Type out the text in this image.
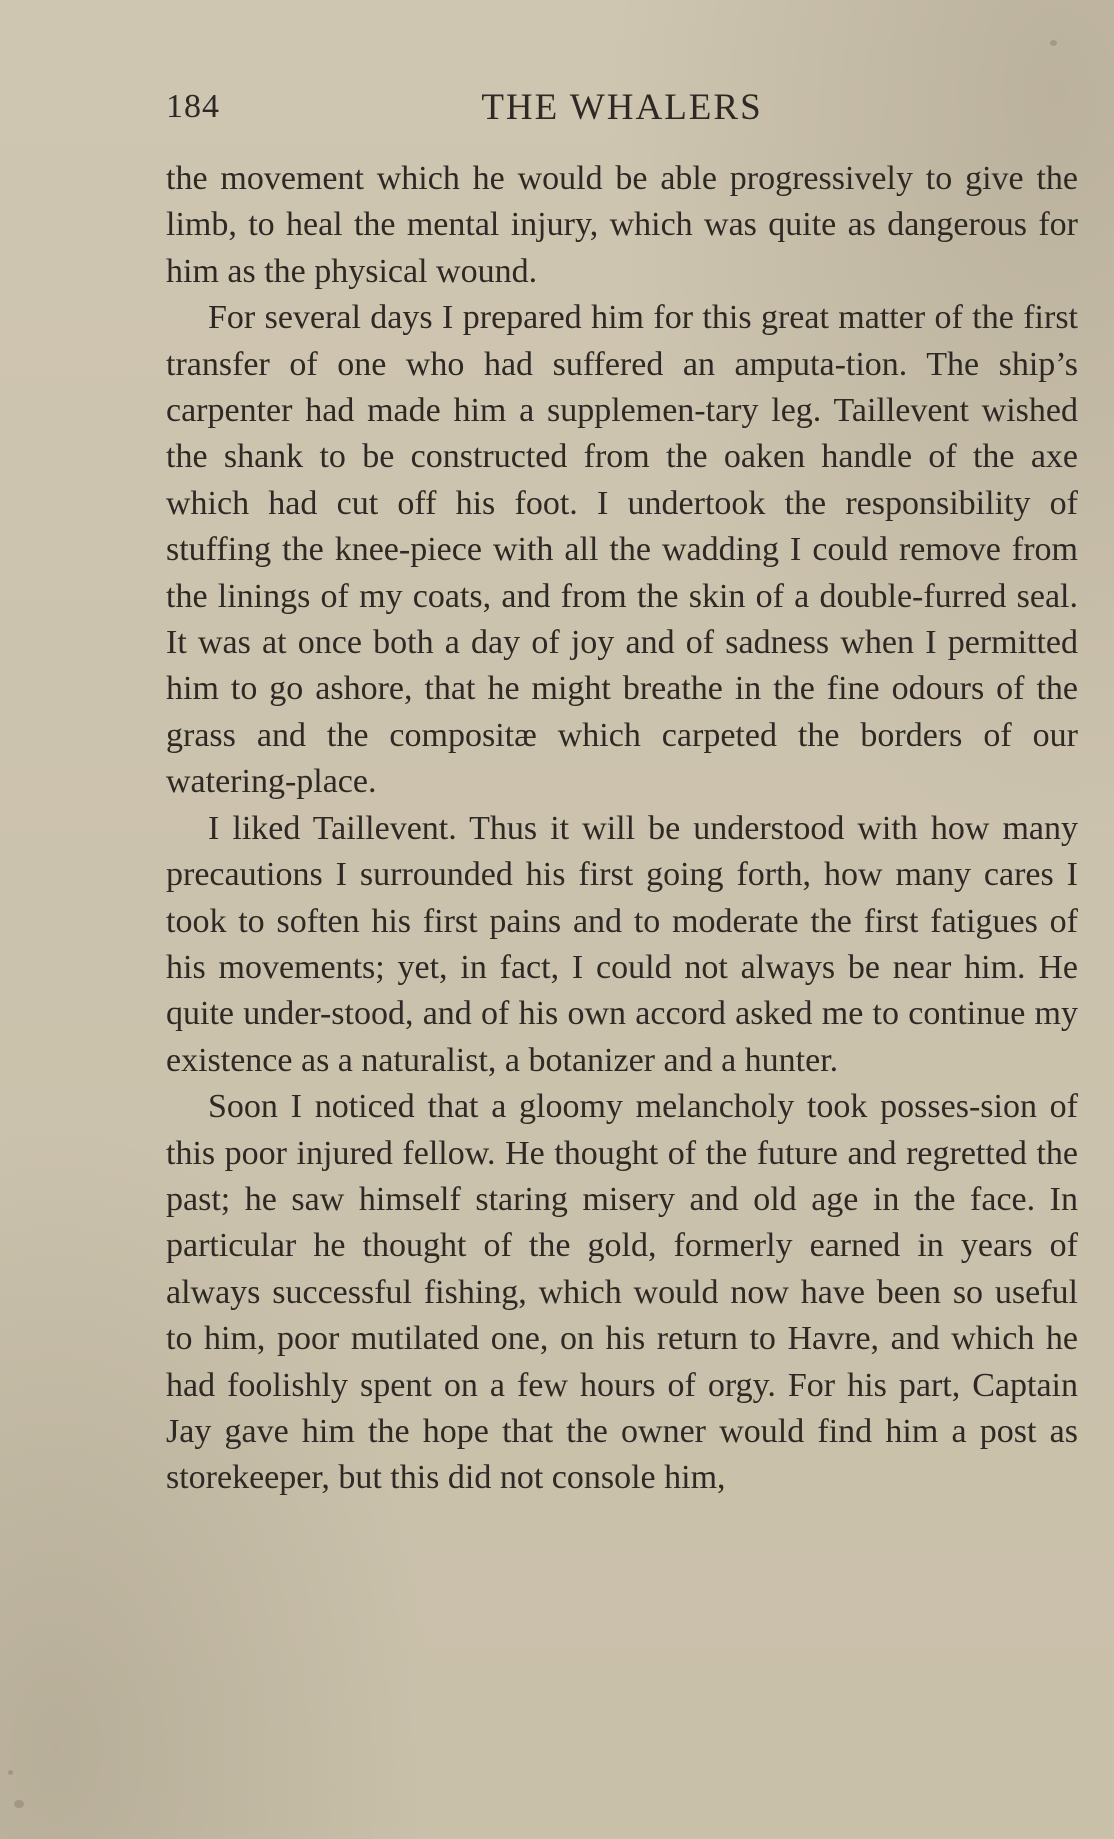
184	THE WHALERS

the movement which he would be able progressively to give the limb, to heal the mental injury, which was quite as dangerous for him as the physical wound.

For several days I prepared him for this great matter of the first transfer of one who had suffered an amputa-tion. The ship’s carpenter had made him a supplemen-tary leg. Taillevent wished the shank to be constructed from the oaken handle of the axe which had cut off his foot. I undertook the responsibility of stuffing the knee-piece with all the wadding I could remove from the linings of my coats, and from the skin of a double-furred seal. It was at once both a day of joy and of sadness when I permitted him to go ashore, that he might breathe in the fine odours of the grass and the compositæ which carpeted the borders of our watering-place.

I liked Taillevent. Thus it will be understood with how many precautions I surrounded his first going forth, how many cares I took to soften his first pains and to moderate the first fatigues of his movements; yet, in fact, I could not always be near him. He quite under-stood, and of his own accord asked me to continue my existence as a naturalist, a botanizer and a hunter.

Soon I noticed that a gloomy melancholy took posses-sion of this poor injured fellow. He thought of the future and regretted the past; he saw himself staring misery and old age in the face. In particular he thought of the gold, formerly earned in years of always successful fishing, which would now have been so useful to him, poor mutilated one, on his return to Havre, and which he had foolishly spent on a few hours of orgy. For his part, Captain Jay gave him the hope that the owner would find him a post as storekeeper, but this did not console him,
